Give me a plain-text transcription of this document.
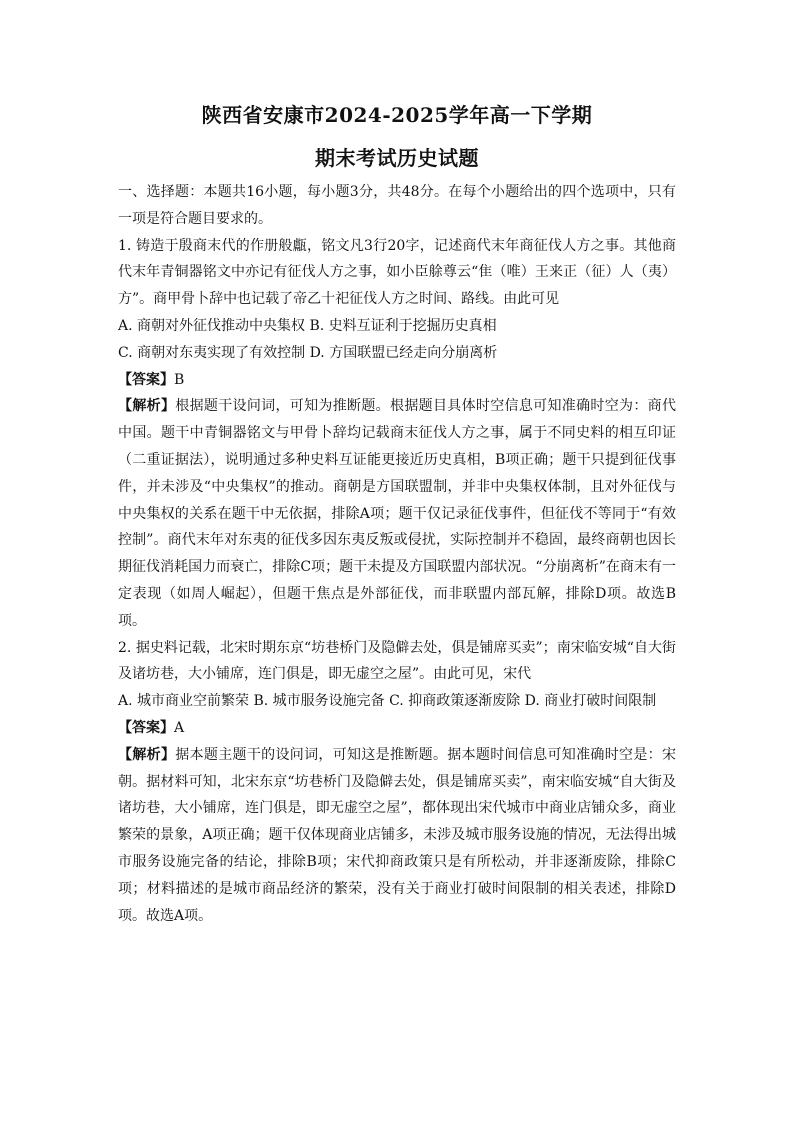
陕西省安康市2024-2025学年高一下学期
期末考试历史试题

一、选择题：本题共16小题，每小题3分，共48分。在每个小题给出的四个选项中，只有一项是符合题目要求的。

1. 铸造于殷商末代的作册般甗，铭文凡3行20字，记述商代末年商征伐人方之事。其他商代末年青铜器铭文中亦记有征伐人方之事，如小臣艅尊云“隹（唯）王来正（征）人（夷）方”。商甲骨卜辞中也记载了帝乙十祀征伐人方之时间、路线。由此可见

A. 商朝对外征伐推动中央集权 B. 史料互证利于挖掘历史真相

C. 商朝对东夷实现了有效控制 D. 方国联盟已经走向分崩离析

【答案】B

【解析】根据题干设问词，可知为推断题。根据题目具体时空信息可知准确时空为：商代中国。题干中青铜器铭文与甲骨卜辞均记载商末征伐人方之事，属于不同史料的相互印证（二重证据法），说明通过多种史料互证能更接近历史真相，B项正确；题干只提到征伐事件，并未涉及“中央集权”的推动。商朝是方国联盟制，并非中央集权体制，且对外征伐与中央集权的关系在题干中无依据，排除A项；题干仅记录征伐事件，但征伐不等同于“有效控制”。商代末年对东夷的征伐多因东夷反叛或侵扰，实际控制并不稳固，最终商朝也因长期征伐消耗国力而衰亡，排除C项；题干未提及方国联盟内部状况。“分崩离析”在商末有一定表现（如周人崛起），但题干焦点是外部征伐，而非联盟内部瓦解，排除D项。故选B项。

2. 据史料记载，北宋时期东京“坊巷桥门及隐僻去处，俱是铺席买卖”；南宋临安城“自大街及诸坊巷，大小铺席，连门俱是，即无虚空之屋”。由此可见，宋代

A. 城市商业空前繁荣 B. 城市服务设施完备 C. 抑商政策逐渐废除 D. 商业打破时间限制

【答案】A

【解析】据本题主题干的设问词，可知这是推断题。据本题时间信息可知准确时空是：宋朝。据材料可知，北宋东京“坊巷桥门及隐僻去处，俱是铺席买卖”，南宋临安城“自大街及诸坊巷，大小铺席，连门俱是，即无虚空之屋”，都体现出宋代城市中商业店铺众多，商业繁荣的景象，A项正确；题干仅体现商业店铺多，未涉及城市服务设施的情况，无法得出城市服务设施完备的结论，排除B项；宋代抑商政策只是有所松动，并非逐渐废除，排除C项；材料描述的是城市商品经济的繁荣，没有关于商业打破时间限制的相关表述，排除D项。故选A项。
